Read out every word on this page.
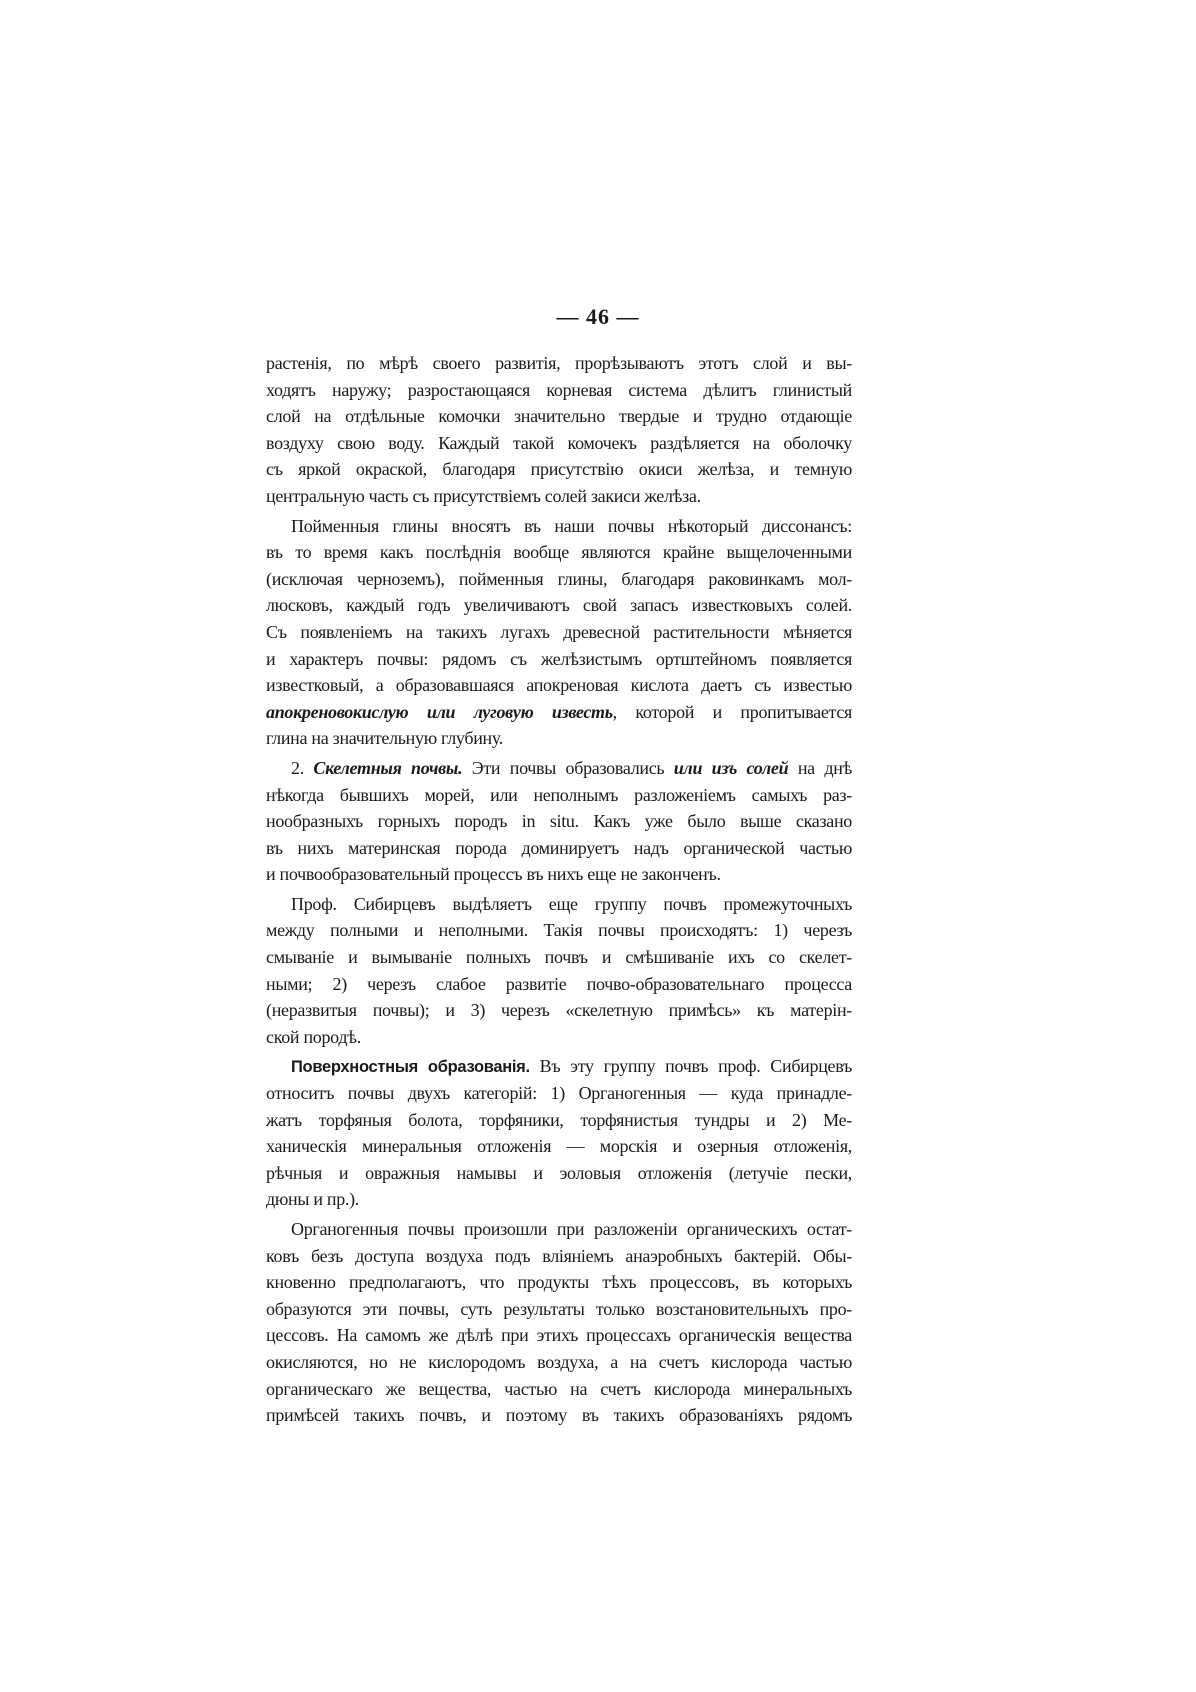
— 46 —
растенія, по мѣрѣ своего развитія, прорѣзываютъ этотъ слой и вы-
ходятъ наружу; разростающаяся корневая система дѣлитъ глинистый
слой на отдѣльные комочки значительно твердые и трудно отдающіе
воздуху свою воду. Каждый такой комочекъ раздѣляется на оболочку
съ яркой окраской, благодаря присутствію окиси желѣза, и темную
центральную часть съ присутствіемъ солей закиси желѣза.
Пойменныя глины вносятъ въ наши почвы нѣкоторый диссонансъ:
въ то время какъ послѣднія вообще являются крайне выщелоченными
(исключая черноземъ), пойменныя глины, благодаря раковинкамъ мол-
люсковъ, каждый годъ увеличиваютъ свой запасъ известковыхъ солей.
Съ появленіемъ на такихъ лугахъ древесной растительности мѣняется
и характеръ почвы: рядомъ съ желѣзистымъ ортштейномъ появляется
известковый, а образовавшаяся апокреновая кислота даетъ съ известью
апокреновокислую или луговую известь, которой и пропитывается
глина на значительную глубину.
2. Скелетныя почвы. Эти почвы образовались или изъ солей на днѣ
нѣкогда бывшихъ морей, или неполнымъ разложеніемъ самыхъ раз-
нообразныхъ горныхъ породъ in situ. Какъ уже было выше сказано
въ нихъ материнская порода доминируетъ надъ органической частью
и почвообразовательный процессъ въ нихъ еще не законченъ.
Проф. Сибирцевъ выдѣляетъ еще группу почвъ промежуточныхъ
между полными и неполными. Такія почвы происходятъ: 1) черезъ
смываніе и вымываніе полныхъ почвъ и смѣшиваніе ихъ со скелет-
ными; 2) черезъ слабое развитіе почво-образовательнаго процесса
(неразвитыя почвы); и 3) черезъ «скелетную примѣсь» къ матерін-
ской породѣ.
Поверхностныя образованія. Въ эту группу почвъ проф. Сибирцевъ
относитъ почвы двухъ категорій: 1) Органогенныя — куда принадле-
жатъ торфяныя болота, торфяники, торфянистыя тундры и 2) Ме-
ханическія минеральныя отложенія — морскія и озерныя отложенія,
рѣчныя и овражныя намывы и эоловыя отложенія (летучіе пески,
дюны и пр.).
Органогенныя почвы произошли при разложеніи органическихъ остат-
ковъ безъ доступа воздуха подъ вліяніемъ анаэробныхъ бактерій. Обы-
кновенно предполагаютъ, что продукты тѣхъ процессовъ, въ которыхъ
образуются эти почвы, суть результаты только возстановительныхъ про-
цессовъ. На самомъ же дѣлѣ при этихъ процессахъ органическія вещества
окисляются, но не кислородомъ воздуха, а на счетъ кислорода частью
органическаго же вещества, частью на счетъ кислорода минеральныхъ
примѣсей такихъ почвъ, и поэтому въ такихъ образованіяхъ рядомъ
